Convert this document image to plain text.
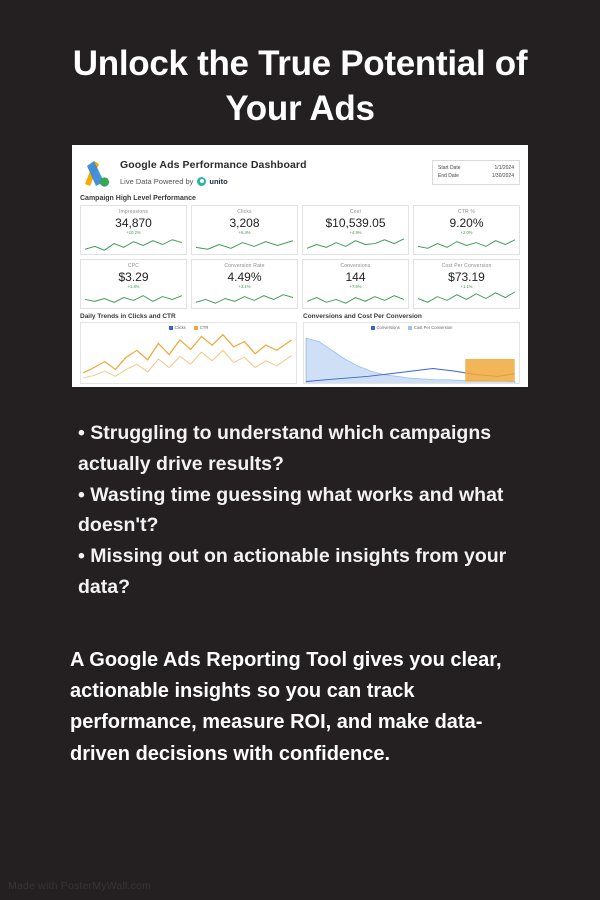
Unlock the True Potential of Your Ads
Google Ads Performance Dashboard
Live Data Powered by unito
Start Date	1/1/2024
End Date	1/30/2024
Campaign High Level Performance
Impressions
34,870
+10.2%
Clicks
3,208
+6.4%
Cost
$10,539.05
+4.9%
CTR %
9.20%
+2.0%
CPC
$3.29
+1.8%
Conversion Rate
4.49%
+3.1%
Conversions
144
+7.5%
Cost Per Conversion
$73.19
+1.1%
Daily Trends in Clicks and CTR
Clicks	CTR
Conversions and Cost Per Conversion
Conversions	Cost Per Conversion

• Struggling to understand which campaigns actually drive results?

• Wasting time guessing what works and what doesn't?

• Missing out on actionable insights from your data?

A Google Ads Reporting Tool gives you clear, actionable insights so you can track performance, measure ROI, and make data-driven decisions with confidence.
Made with PosterMyWall.com
